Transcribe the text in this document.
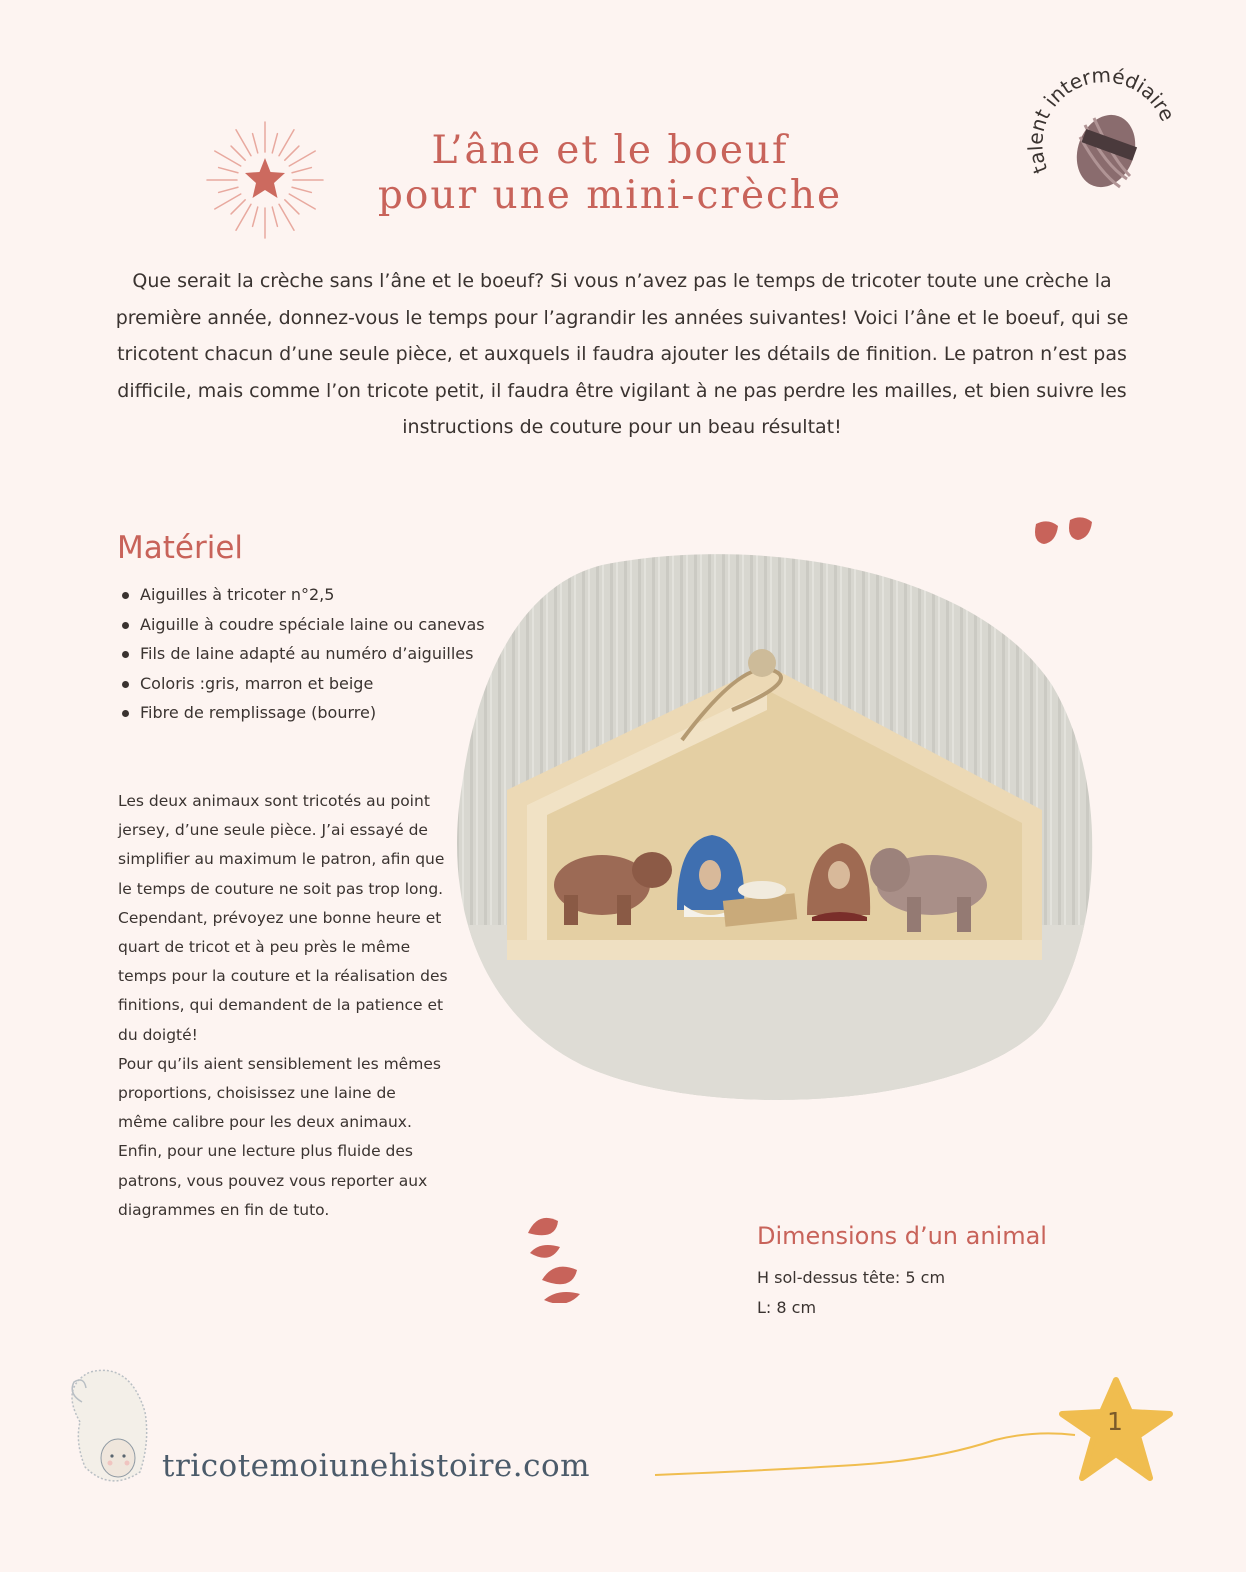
L’âne et le boeuf
pour une mini-crèche
talent intermédiaire
Que serait la crèche sans l’âne et le boeuf? Si vous n’avez pas le temps de tricoter toute une crèche la première année, donnez-vous le temps pour l’agrandir les années suivantes! Voici l’âne et le boeuf, qui se tricotent chacun d’une seule pièce, et auxquels il faudra ajouter les détails de finition. Le patron n’est pas difficile, mais comme l’on tricote petit, il faudra être vigilant à ne pas perdre les mailles, et bien suivre les instructions de couture pour un beau résultat!
Matériel
Aiguilles à tricoter n°2,5
Aiguille à coudre spéciale laine ou canevas
Fils de laine adapté au numéro d’aiguilles
Coloris :gris, marron et beige
Fibre de remplissage (bourre)

Les deux animaux sont tricotés au point jersey, d’une seule pièce. J’ai essayé de simplifier au maximum le patron, afin que le temps de couture ne soit pas trop long. Cependant, prévoyez une bonne heure et quart de tricot et à peu près le même temps pour la couture et la réalisation des finitions, qui demandent de la patience et du doigté!

Pour qu’ils aient sensiblement les mêmes proportions, choisissez une laine de même calibre pour les deux animaux.

Enfin, pour une lecture plus fluide des patrons, vous pouvez vous reporter aux diagrammes en fin de tuto.

Dimensions d’un animal
H sol-dessus tête: 5 cm
L: 8 cm
tricotemoiunehistoire.com
1
